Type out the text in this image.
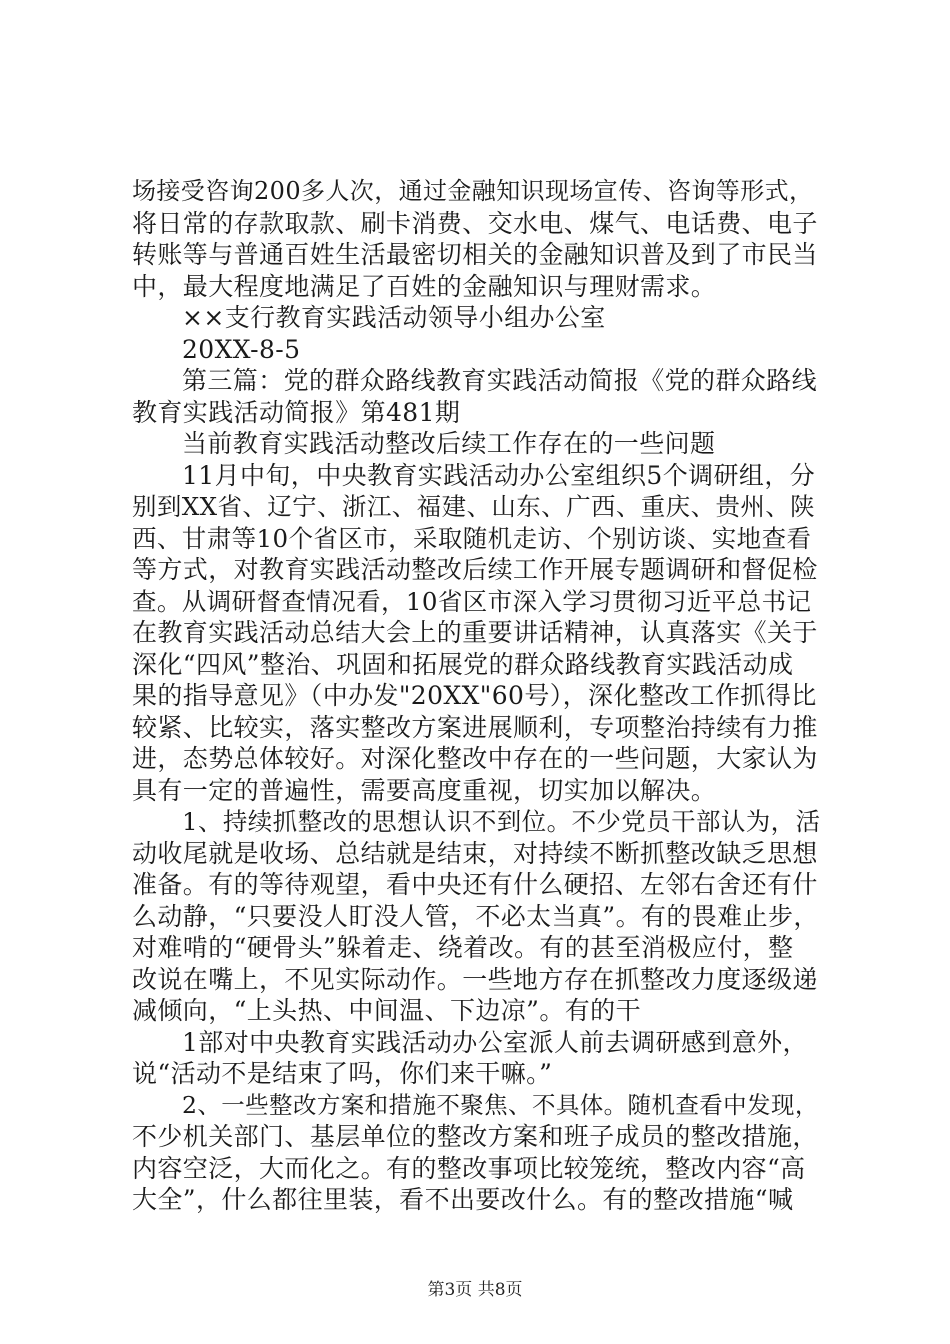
场接受咨询200多人次，通过金融知识现场宣传、咨询等形式，
将日常的存款取款、刷卡消费、交水电、煤气、电话费、电子
转账等与普通百姓生活最密切相关的金融知识普及到了市民当
中，最大程度地满足了百姓的金融知识与理财需求。
××支行教育实践活动领导小组办公室
20XX-8-5
第三篇：党的群众路线教育实践活动简报《党的群众路线
教育实践活动简报》第481期
当前教育实践活动整改后续工作存在的一些问题
11月中旬，中央教育实践活动办公室组织5个调研组，分
别到XX省、辽宁、浙江、福建、山东、广西、重庆、贵州、陕
西、甘肃等10个省区市，采取随机走访、个别访谈、实地查看
等方式，对教育实践活动整改后续工作开展专题调研和督促检
查。从调研督查情况看，10省区市深入学习贯彻习近平总书记
在教育实践活动总结大会上的重要讲话精神，认真落实《关于
深化“四风”整治、巩固和拓展党的群众路线教育实践活动成
果的指导意见》（中办发"20XX"60号），深化整改工作抓得比
较紧、比较实，落实整改方案进展顺利，专项整治持续有力推
进，态势总体较好。对深化整改中存在的一些问题，大家认为
具有一定的普遍性，需要高度重视，切实加以解决。
1、持续抓整改的思想认识不到位。不少党员干部认为，活
动收尾就是收场、总结就是结束，对持续不断抓整改缺乏思想
准备。有的等待观望，看中央还有什么硬招、左邻右舍还有什
么动静，“只要没人盯没人管，不必太当真”。有的畏难止步，
对难啃的“硬骨头”躲着走、绕着改。有的甚至消极应付，整
改说在嘴上，不见实际动作。一些地方存在抓整改力度逐级递
减倾向，“上头热、中间温、下边凉”。有的干
1部对中央教育实践活动办公室派人前去调研感到意外，
说“活动不是结束了吗，你们来干嘛。”
2、一些整改方案和措施不聚焦、不具体。随机查看中发现，
不少机关部门、基层单位的整改方案和班子成员的整改措施，
内容空泛，大而化之。有的整改事项比较笼统，整改内容“高
大全”，什么都往里装，看不出要改什么。有的整改措施“喊
第3页 共8页
